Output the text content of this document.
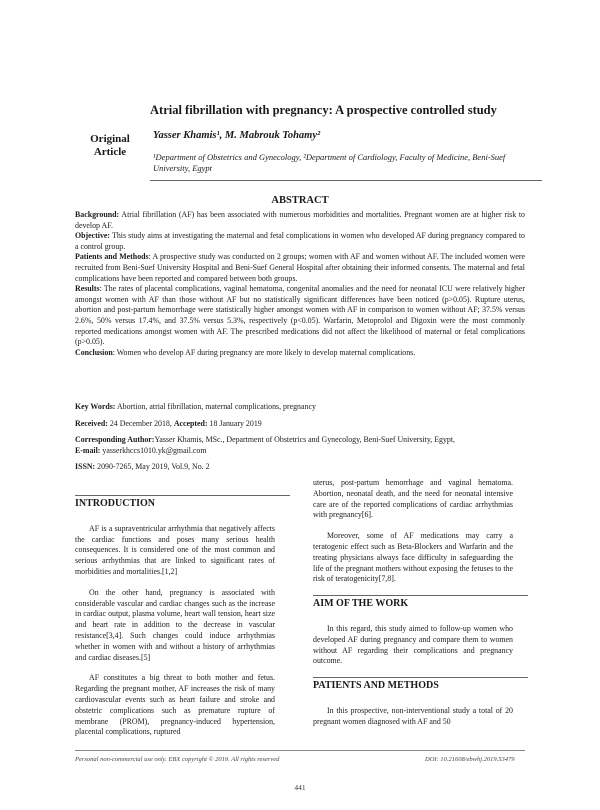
Atrial fibrillation with pregnancy: A prospective controlled study
Original Article
Yasser Khamis¹, M. Mabrouk Tohamy²
¹Department of Obstetrics and Gynecology, ²Department of Cardiology, Faculty of Medicine, Beni-Suef University, Egypt
ABSTRACT

Background: Atrial fibrillation (AF) has been associated with numerous morbidities and mortalities. Pregnant women are at higher risk to develop AF.

Objective: This study aims at investigating the maternal and fetal complications in women who developed AF during pregnancy compared to a control group.

Patients and Methods: A prospective study was conducted on 2 groups; women with AF and women without AF. The included women were recruited from Beni-Suef University Hospital and Beni-Suef General Hospital after obtaining their informed consents. The maternal and fetal complications have been reported and compared between both groups.

Results: The rates of placental complications, vaginal hematoma, congenital anomalies and the need for neonatal ICU were relatively higher amongst women with AF than those without AF but no statistically significant differences have been noticed (p>0.05). Rupture uterus, abortion and post-partum hemorrhage were statistically higher amongst women with AF in comparison to women without AF; 37.5% versus 2.6%, 50% versus 17.4%, and 37.5% versus 5.3%, respectively (p<0.05). Warfarin, Metoprolol and Digoxin were the most commonly reported medications amongst women with AF. The prescribed medications did not affect the likelihood of maternal or fetal complications (p>0.05).

Conclusion: Women who develop AF during pregnancy are more likely to develop maternal complications.

Key Words: Abortion, atrial fibrillation, maternal complications, pregnancy

Received: 24 December 2018, Accepted: 18 January 2019

Corresponding Author:Yasser Khamis, MSc., Department of Obstetrics and Gynecology, Beni-Suef University, Egypt,

E-mail: yasserkhccs1010.yk@gmail.com

ISSN: 2090-7265, May 2019, Vol.9, No. 2

INTRODUCTION

AF is a supraventricular arrhythmia that negatively affects the cardiac functions and poses many serious health consequences. It is considered one of the most common and serious arrhythmias that are linked to significant rates of morbidities and mortalities.[1,2]

On the other hand, pregnancy is associated with considerable vascular and cardiac changes such as the increase in cardiac output, plasma volume, heart wall tension, heart size and heart rate in addition to the decrease in vascular resistance[3,4]. Such changes could induce arrhythmias whether in women with and without a history of arrhythmias and cardiac diseases.[5]

AF constitutes a big threat to both mother and fetus. Regarding the pregnant mother, AF increases the risk of many cardiovascular events such as heart failure and stroke and obstetric complications such as premature rupture of membrane (PROM), pregnancy-induced hypertension, placental complications, ruptured

uterus, post-partum hemorrhage and vaginal hematoma. Abortion, neonatal death, and the need for neonatal intensive care are of the reported complications of cardiac arrhythmias with pregnancy[6].

Moreover, some of AF medications may carry a teratogenic effect such as Beta-Blockers and Warfarin and the treating physicians always face difficulty in safeguarding the life of the pregnant mothers without exposing the fetuses to the risk of teratogenicity[7,8].

AIM OF THE WORK

In this regard, this study aimed to follow-up women who developed AF during pregnancy and compare them to women without AF regarding their complications and pregnancy outcome.

PATIENTS AND METHODS

In this prospective, non-interventional study a total of 20 pregnant women diagnosed with AF and 50

Personal non-commercial use only. EBX copyright © 2019. All rights reserved	DOI: 10.21608/ebwhj.2019.53479
441
